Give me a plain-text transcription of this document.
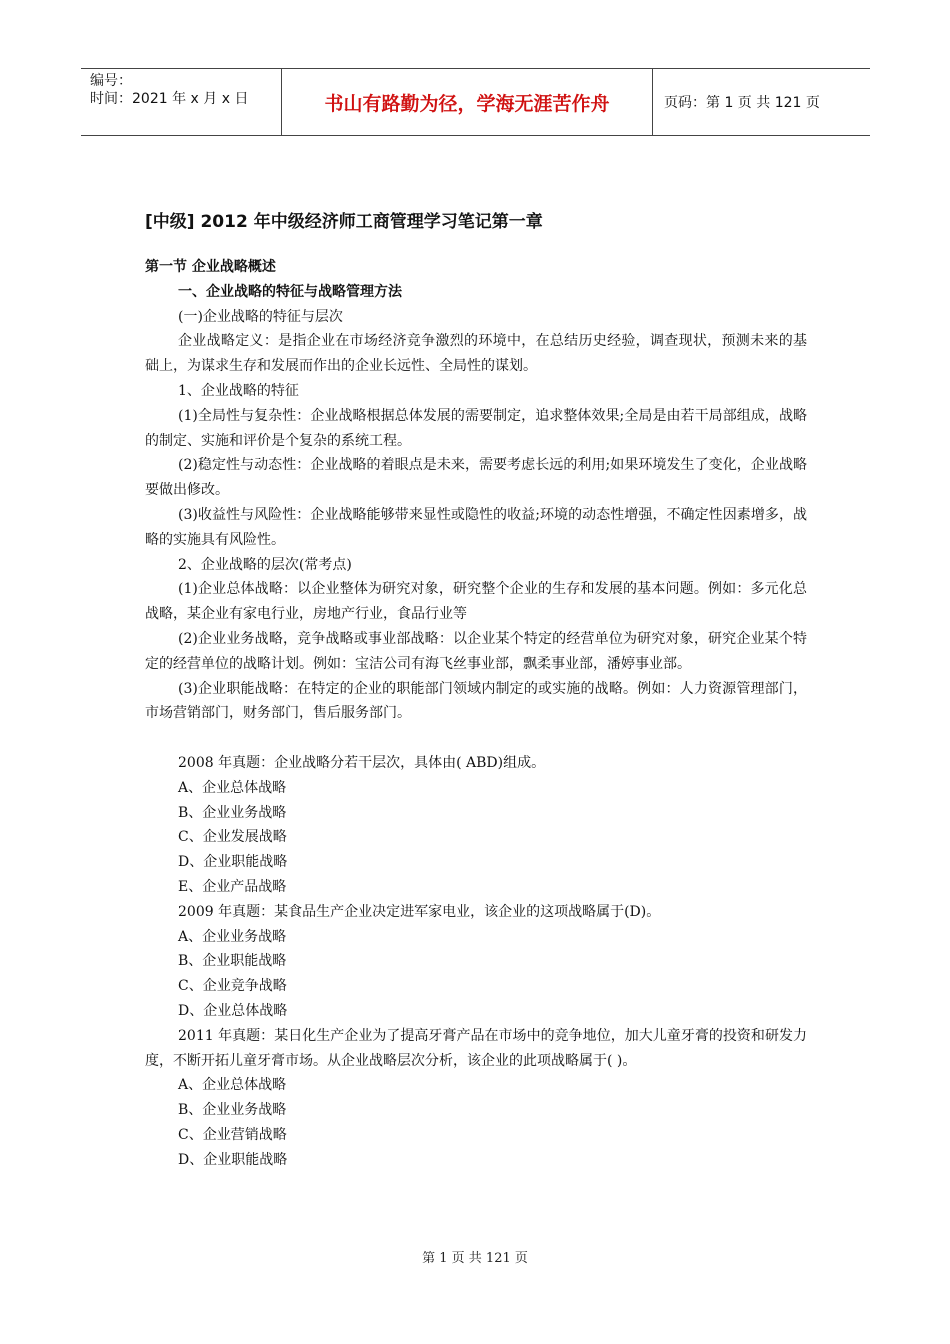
编号：
时间：2021 年 x 月 x 日	书山有路勤为径，学海无涯苦作舟	页码：第 1 页 共 121 页
[中级] 2012 年中级经济师工商管理学习笔记第一章

第一节 企业战略概述

一、企业战略的特征与战略管理方法

(一)企业战略的特征与层次

企业战略定义：是指企业在市场经济竞争激烈的环境中，在总结历史经验，调查现状，预测未来的基础上，为谋求生存和发展而作出的企业长远性、全局性的谋划。

1、企业战略的特征

(1)全局性与复杂性：企业战略根据总体发展的需要制定，追求整体效果;全局是由若干局部组成，战略的制定、实施和评价是个复杂的系统工程。

(2)稳定性与动态性：企业战略的着眼点是未来，需要考虑长远的利用;如果环境发生了变化，企业战略要做出修改。

(3)收益性与风险性：企业战略能够带来显性或隐性的收益;环境的动态性增强，不确定性因素增多，战略的实施具有风险性。

2、企业战略的层次(常考点)

(1)企业总体战略：以企业整体为研究对象，研究整个企业的生存和发展的基本问题。例如：多元化总战略，某企业有家电行业，房地产行业，食品行业等

(2)企业业务战略，竞争战略或事业部战略：以企业某个特定的经营单位为研究对象，研究企业某个特定的经营单位的战略计划。例如：宝洁公司有海飞丝事业部，飘柔事业部，潘婷事业部。

(3)企业职能战略：在特定的企业的职能部门领域内制定的或实施的战略。例如：人力资源管理部门，市场营销部门，财务部门，售后服务部门。

2008 年真题：企业战略分若干层次，具体由( ABD)组成。

A、企业总体战略

B、企业业务战略

C、企业发展战略

D、企业职能战略

E、企业产品战略

2009 年真题：某食品生产企业决定进军家电业，该企业的这项战略属于(D)。

A、企业业务战略

B、企业职能战略

C、企业竞争战略

D、企业总体战略

2011 年真题：某日化生产企业为了提高牙膏产品在市场中的竞争地位，加大儿童牙膏的投资和研发力度，不断开拓儿童牙膏市场。从企业战略层次分析，该企业的此项战略属于( )。

A、企业总体战略

B、企业业务战略

C、企业营销战略

D、企业职能战略

第 1 页 共 121 页
